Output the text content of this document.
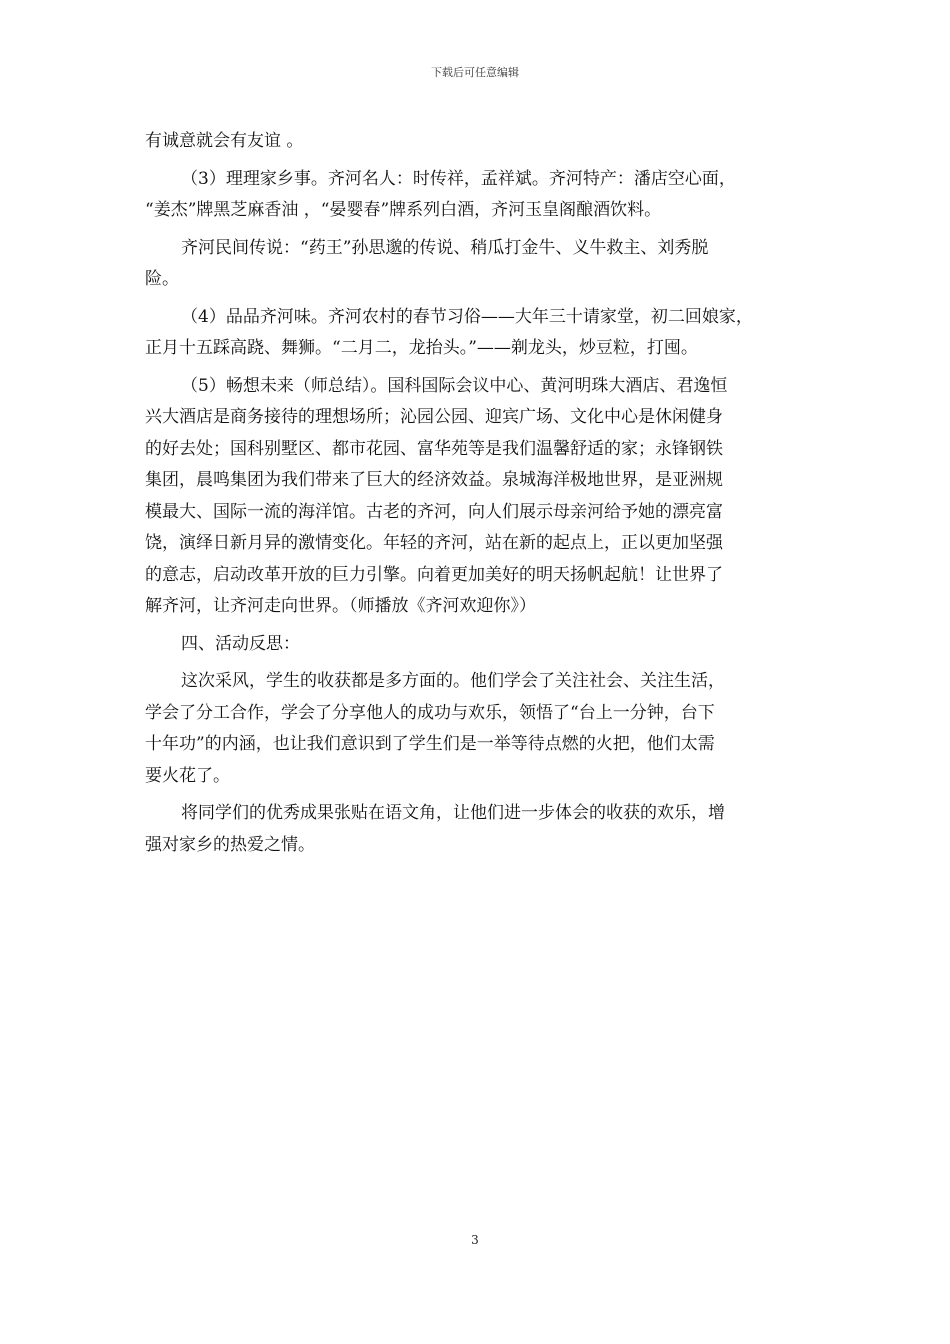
下载后可任意编辑
有诚意就会有友谊 。
（3）理理家乡事。齐河名人：时传祥，孟祥斌。齐河特产：潘店空心面，
“姜杰”牌黑芝麻香油 ，“晏婴春”牌系列白酒，齐河玉皇阁酿酒饮料。
齐河民间传说：“药王”孙思邈的传说、稍瓜打金牛、义牛救主、刘秀脱
险。
（4）品品齐河味。齐河农村的春节习俗——大年三十请家堂，初二回娘家，
正月十五踩高跷、舞狮。“二月二，龙抬头。”——剃龙头，炒豆粒，打囤。
（5）畅想未来（师总结）。国科国际会议中心、黄河明珠大酒店、君逸恒
兴大酒店是商务接待的理想场所；沁园公园、迎宾广场、文化中心是休闲健身
的好去处；国科别墅区、都市花园、富华苑等是我们温馨舒适的家；永锋钢铁
集团，晨鸣集团为我们带来了巨大的经济效益。泉城海洋极地世界，是亚洲规
模最大、国际一流的海洋馆。古老的齐河，向人们展示母亲河给予她的漂亮富
饶，演绎日新月异的激情变化。年轻的齐河，站在新的起点上，正以更加坚强
的意志，启动改革开放的巨力引擎。向着更加美好的明天扬帆起航！让世界了
解齐河，让齐河走向世界。（师播放《齐河欢迎你》）
四、活动反思：
这次采风，学生的收获都是多方面的。他们学会了关注社会、关注生活，
学会了分工合作，学会了分享他人的成功与欢乐，领悟了“台上一分钟，台下
十年功”的内涵，也让我们意识到了学生们是一举等待点燃的火把，他们太需
要火花了。
将同学们的优秀成果张贴在语文角，让他们进一步体会的收获的欢乐，增
强对家乡的热爱之情。
3
